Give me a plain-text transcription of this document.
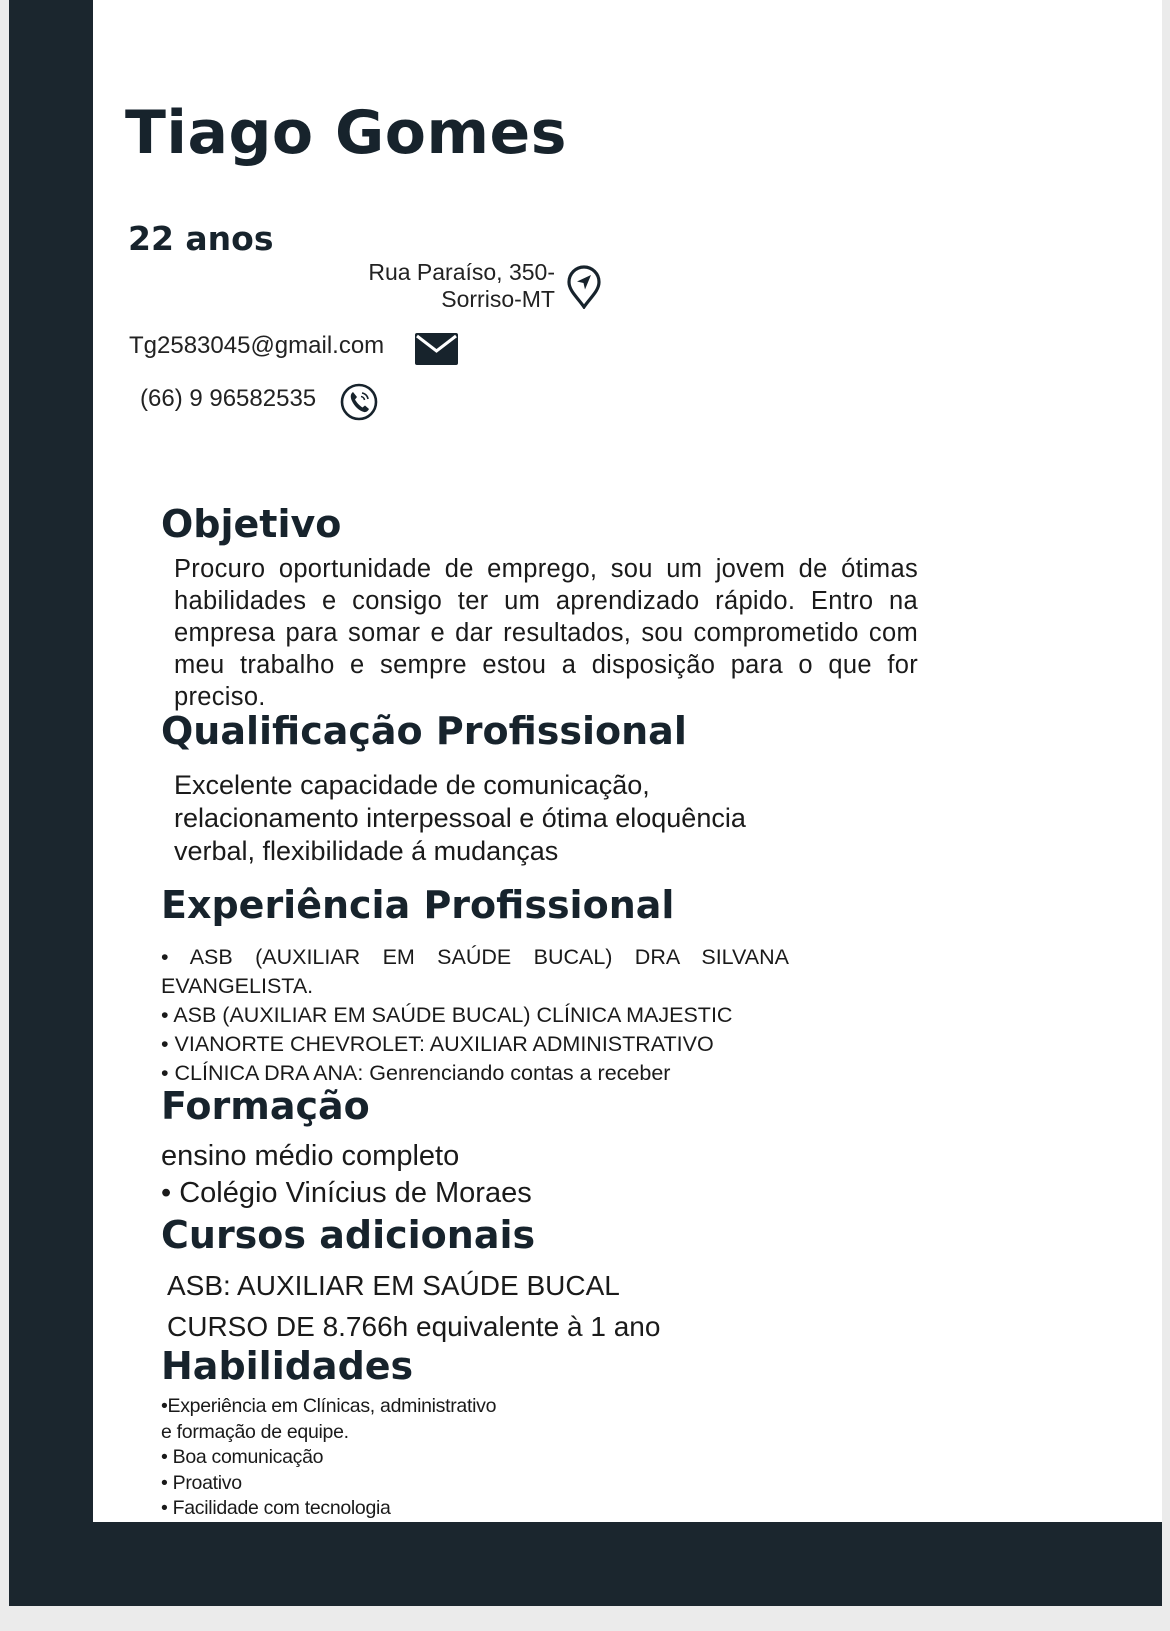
Tiago Gomes
22 anos
Rua Paraíso, 350-
Sorriso-MT
Tg2583045@gmail.com
(66) 9 96582535
Objetivo
Procuro oportunidade de emprego, sou um jovem de ótimas habilidades e consigo ter um aprendizado rápido. Entro na empresa para somar e dar resultados, sou comprometido com meu trabalho e sempre estou a disposição para o que for preciso.
Qualificação Profissional
Excelente capacidade de comunicação, relacionamento interpessoal e ótima eloquência verbal, flexibilidade á mudanças
Experiência Profissional
• ASB (AUXILIAR EM SAÚDE BUCAL) DRA SILVANA EVANGELISTA.
• ASB (AUXILIAR EM SAÚDE BUCAL) CLÍNICA MAJESTIC
• VIANORTE CHEVROLET: AUXILIAR ADMINISTRATIVO
• CLÍNICA DRA ANA: Genrenciando contas a receber
Formação
ensino médio completo
• Colégio Vinícius de Moraes
Cursos adicionais
ASB: AUXILIAR EM SAÚDE BUCAL
CURSO DE 8.766h equivalente à 1 ano
Habilidades
•Experiência em Clínicas, administrativo
e formação de equipe.
• Boa comunicação
• Proativo
• Facilidade com tecnologia
